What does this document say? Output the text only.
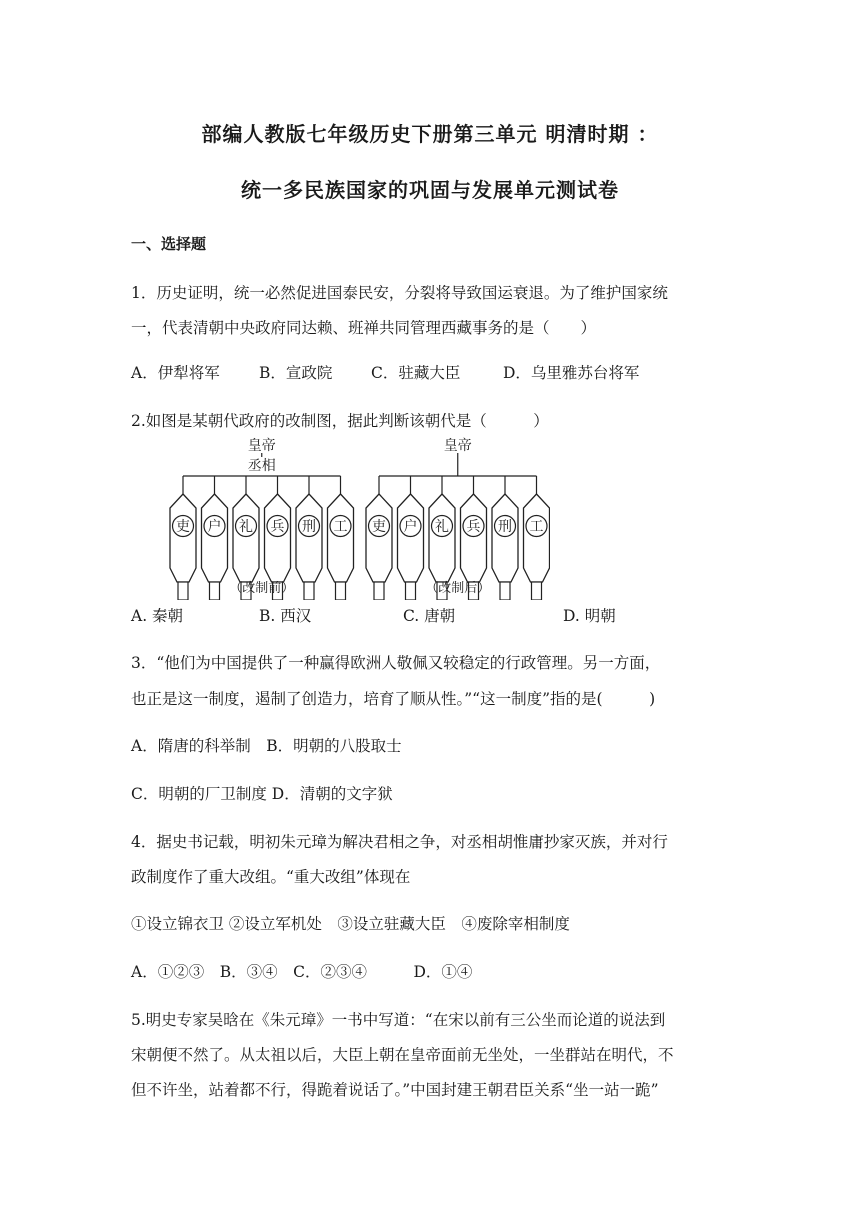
部编人教版七年级历史下册第三单元 明清时期 ：
统一多民族国家的巩固与发展单元测试卷
一、选择题
1．历史证明，统一必然促进国泰民安，分裂将导致国运衰退。为了维护国家统
一，代表清朝中央政府同达赖、班禅共同管理西藏事务的是（　　）
A．伊犁将军	B．宣政院 C．驻藏大臣	D．乌里雅苏台将军
2.如图是某朝代政府的改制图，据此判断该朝代是（　　　）
皇帝
丞相
吏 户 礼 兵 刑 工
（改制前）
皇帝
吏 户 礼 兵 刑 工
（改制后）
A. 秦朝	B. 西汉	C. 唐朝	D. 明朝
3．“他们为中国提供了一种赢得欧洲人敬佩又较稳定的行政管理。另一方面，
也正是这一制度，遏制了创造力，培育了顺从性。”“这一制度”指的是(　　　)
A．隋唐的科举制　B．明朝的八股取士
C．明朝的厂卫制度 D．清朝的文字狱
4．据史书记载，明初朱元璋为解决君相之争，对丞相胡惟庸抄家灭族，并对行
政制度作了重大改组。“重大改组”体现在
①设立锦衣卫 ②设立军机处　③设立驻藏大臣　④废除宰相制度
A．①②③　B．③④　C．②③④　　　D．①④
5.明史专家吴晗在《朱元璋》一书中写道：“在宋以前有三公坐而论道的说法到
宋朝便不然了。从太祖以后，大臣上朝在皇帝面前无坐处，一坐群站在明代，不
但不许坐，站着都不行，得跪着说话了。”中国封建王朝君臣关系“坐一站一跪”
